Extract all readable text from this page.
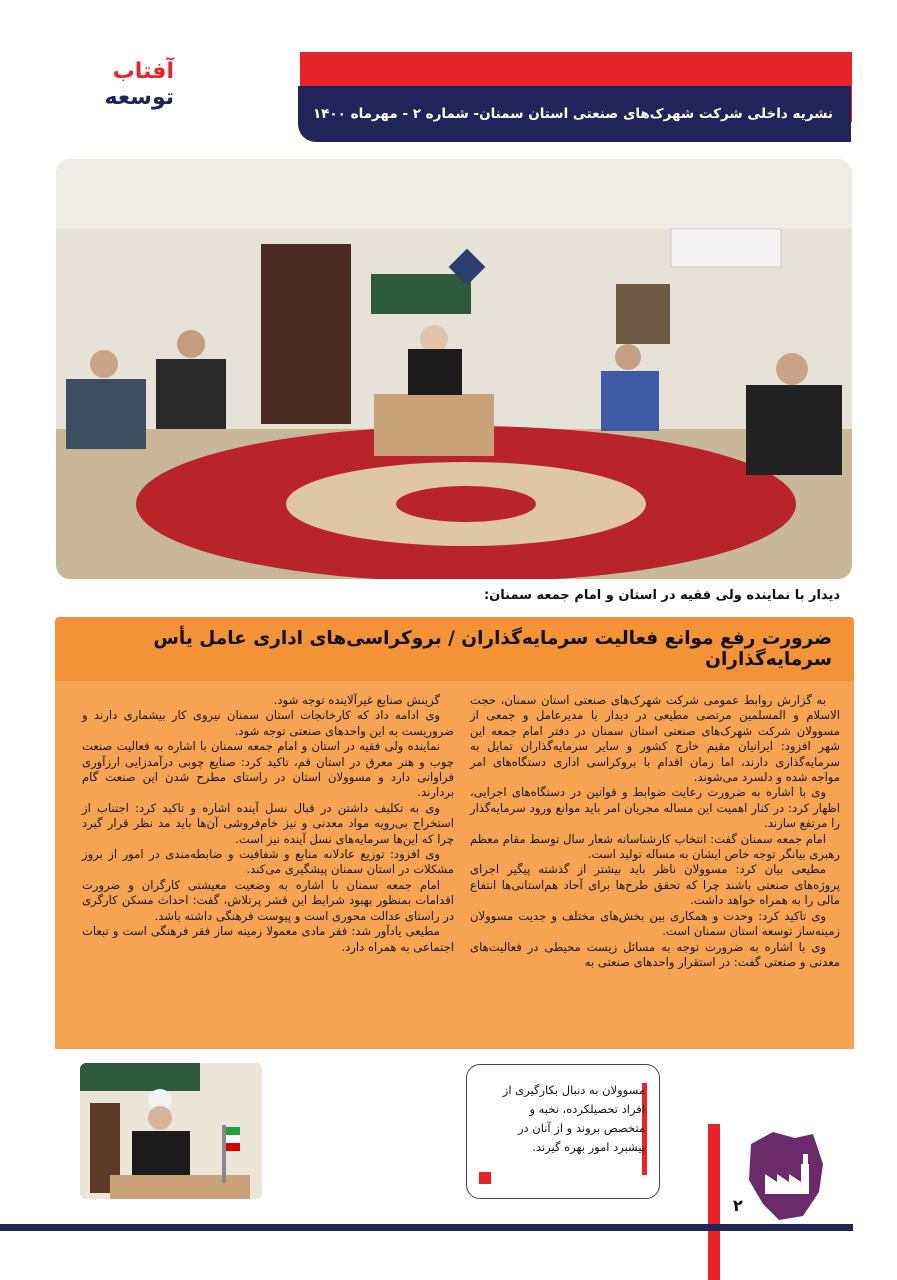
آفتاب
توسعه
نشریه داخلی شرکت شهرک‌های صنعتی استان سمنان- شماره ۲ - مهرماه ۱۴۰۰
دیدار با نماینده ولی فقیه در استان و امام جمعه سمنان:
ضرورت رفع موانع فعالیت سرمایه‌گذاران / بروکراسی‌های اداری عامل یأس سرمایه‌گذاران

به گزارش روابط عمومی شرکت شهرک‌های صنعتی استان سمنان، حجت الاسلام و المسلمین مرتضی مطیعی در دیدار با مدیرعامل و جمعی از مسوولان شرکت شهرک‌های صنعتی استان سمنان در دفتر امام جمعه این شهر افزود: ایرانیان مقیم خارج کشور و سایر سرمایه‌گذاران تمایل به سرمایه‌گذاری دارند، اما زمان اقدام با بروکراسی اداری دستگاه‌های امر مواجه شده و دلسرد می‌شوند.

وی با اشاره به ضرورت رعایت ضوابط و قوانین در دستگاه‌های اجرایی، اظهار کرد: در کنار اهمیت این مساله مجریان امر باید موانع ورود سرمایه‌گذار را مرتفع سازند.

امام جمعه سمنان گفت: انتخاب کارشناسانه شعار سال توسط مقام معظم رهبری بیانگر توجه خاص ایشان به مساله تولید است.

مطیعی بیان کرد: مسوولان ناظر باید بیشتر از گذشته پیگیر اجرای پروژه‌های صنعتی باشند چرا که تحقق طرح‌ها برای آحاد هم‌استانی‌ها انتفاع مالی را به همراه خواهد داشت.

وی تاکید کرد: وحدت و همکاری بین بخش‌های مختلف و جدیت مسوولان زمینه‌ساز توسعه استان سمنان است.

وی با اشاره به ضرورت توجه به مسائل زیست محیطی در فعالیت‌های معدنی و صنعتی گفت: در استقرار واحدهای صنعتی به

گزینش صنایع غیرآلاینده توجه شود.

وی ادامه داد که کارخانجات استان سمنان نیروی کار بیشماری دارند و ضروریست به این واحدهای صنعتی توجه شود.

نماینده ولی فقیه در استان و امام جمعه سمنان با اشاره به فعالیت صنعت چوب و هنر معرق در استان قم، تاکید کرد: صنایع چوبی درآمدزایی ارزآوری فراوانی دارد و مسوولان استان در راستای مطرح شدن این صنعت گام بردارند.

وی به تکلیف داشتن در قبال نسل آینده اشاره و تاکید کرد: اجتناب از استخراج بی‌رویه مواد معدنی و نیز خام‌فروشی آن‌ها باید مد نظر قرار گیرد چرا که این‌ها سرمایه‌های نسل آینده نیز است.

وی افزود: توزیع عادلانه منابع و شفافیت و ضابطه‌مندی در امور از بروز مشکلات در استان سمنان پیشگیری می‌کند.

امام جمعه سمنان با اشاره به وضعیت معیشتی کارگران و ضرورت اقدامات بمنظور بهبود شرایط این قشر پرتلاش، گفت: احداث مسکن کارگری در راستای عدالت محوری است و پیوست فرهنگی داشته باشد.

مطیعی یادآور شد: فقر مادی معمولا زمینه ساز فقر فرهنگی است و تبعات اجتماعی به همراه دارد.

مسوولان به دنبال بکارگیری از افراد تحصیلکرده، نخبه و متخصص بروند و از آنان در پیشبرد امور بهره گیرند.
۲
